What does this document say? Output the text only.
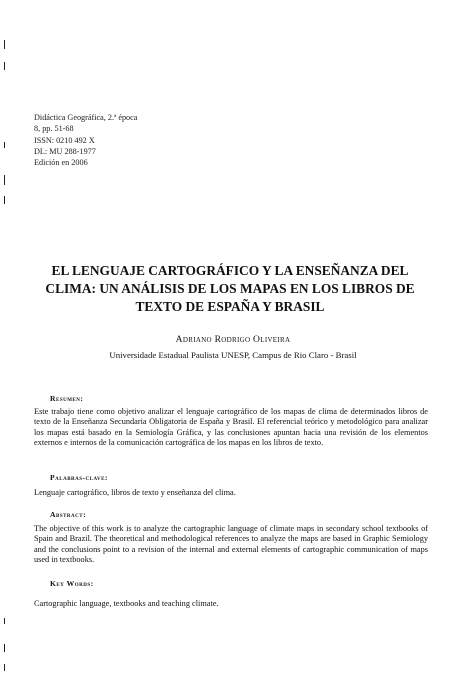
Didáctica Geográfica, 2.ª época
8, pp. 51-68
ISSN: 0210 492 X
DL: MU 288-1977
Edición en 2006
EL LENGUAJE CARTOGRÁFICO Y LA ENSEÑANZA DEL
CLIMA: UN ANÁLISIS DE LOS MAPAS EN LOS LIBROS DE
TEXTO DE ESPAÑA Y BRASIL
Adriano Rodrigo Oliveira
Universidade Estadual Paulista UNESP, Campus de Rio Claro - Brasil
Resumen:
Este trabajo tiene como objetivo analizar el lenguaje cartográfico de los mapas de clima de determinados libros de texto de la Enseñanza Secundaria Obligatoria de España y Brasil. El referencial teórico y metodológico para analizar los mapas está basado en la Semiología Gráfica, y las conclusiones apuntan hacia una revisión de los elementos externos e internos de la comunicación cartográfica de los mapas en los libros de texto.
Palabras-clave:
Lenguaje cartográfico, libros de texto y enseñanza del clima.
Abstract:
The objective of this work is to analyze the cartographic language of climate maps in secondary school textbooks of Spain and Brazil. The theoretical and methodological references to analyze the maps are based in Graphic Semiology and the conclusions point to a revision of the internal and external elements of cartographic communication of maps used in textbooks.
Key Words:
Cartographic language, textbooks and teaching climate.
